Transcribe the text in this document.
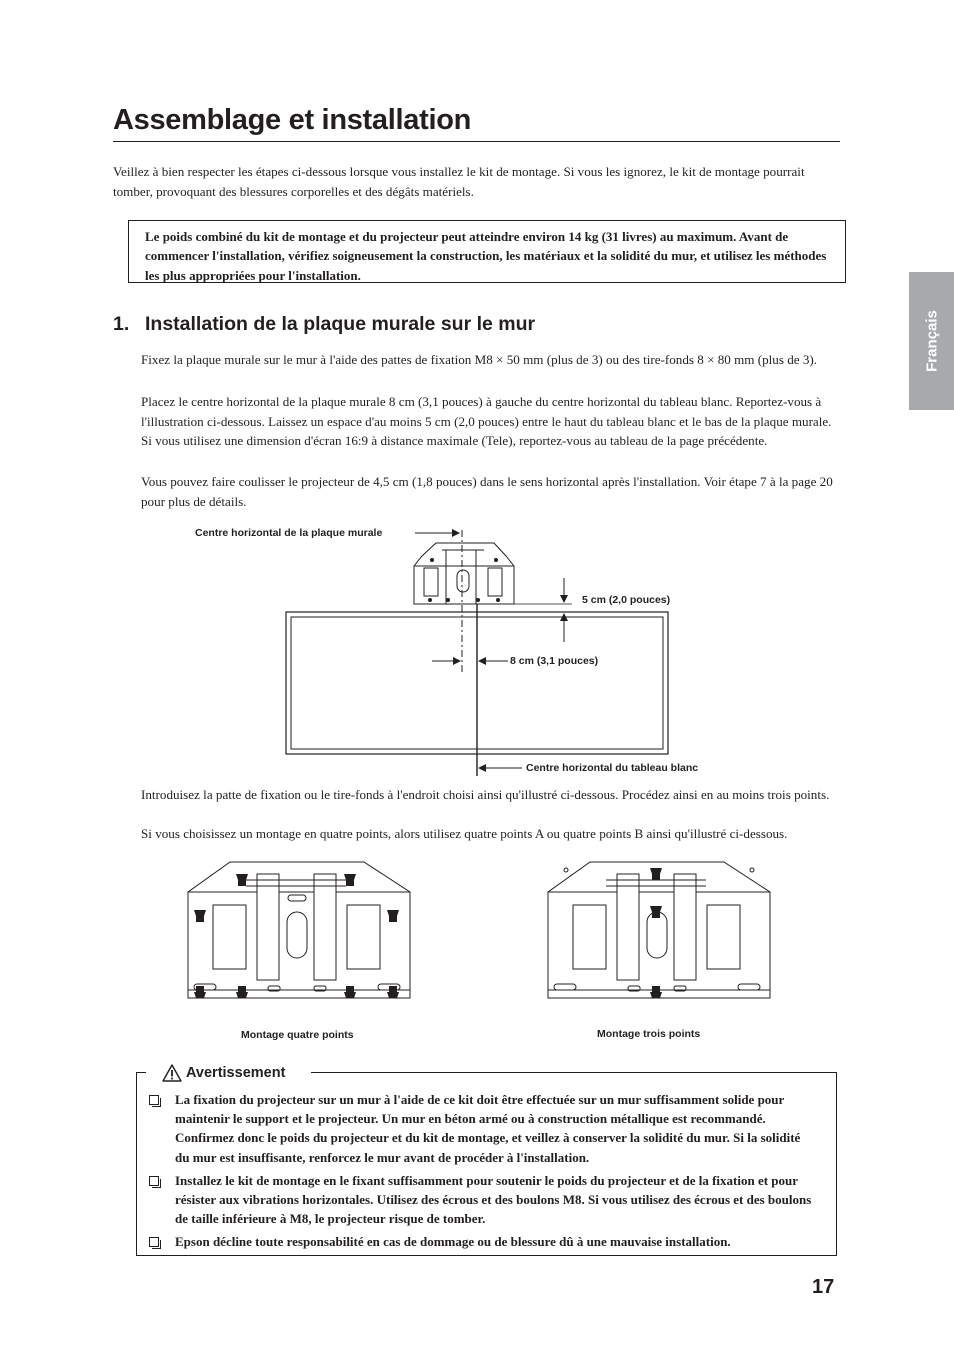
Assemblage et installation

Veillez à bien respecter les étapes ci-dessous lorsque vous installez le kit de montage. Si vous les ignorez, le kit de montage pourrait tomber, provoquant des blessures corporelles et des dégâts matériels.

Le poids combiné du kit de montage et du projecteur peut atteindre environ 14 kg (31 livres) au maximum. Avant de commencer l'installation, vérifiez soigneusement la construction, les matériaux et la solidité du mur, et utilisez les méthodes les plus appropriées pour l'installation.
Français
1. Installation de la plaque murale sur le mur

Fixez la plaque murale sur le mur à l'aide des pattes de fixation M8 × 50 mm (plus de 3) ou des tire-fonds 8 × 80 mm (plus de 3).

Placez le centre horizontal de la plaque murale 8 cm (3,1 pouces) à gauche du centre horizontal du tableau blanc. Reportez-vous à l'illustration ci-dessous. Laissez un espace d'au moins 5 cm (2,0 pouces) entre le haut du tableau blanc et le bas de la plaque murale. Si vous utilisez une dimension d'écran 16:9 à distance maximale (Tele), reportez-vous au tableau de la page précédente.

Vous pouvez faire coulisser le projecteur de 4,5 cm (1,8 pouces) dans le sens horizontal après l'installation. Voir étape 7 à la page 20 pour plus de détails.

Centre horizontal de la plaque murale
5 cm (2,0 pouces)
8 cm (3,1 pouces)
Centre horizontal du tableau blanc

Introduisez la patte de fixation ou le tire-fonds à l'endroit choisi ainsi qu'illustré ci-dessous. Procédez ainsi en au moins trois points.

Si vous choisissez un montage en quatre points, alors utilisez quatre points A ou quatre points B ainsi qu'illustré ci-dessous.

Montage quatre points	Montage trois points
Avertissement

La fixation du projecteur sur un mur à l'aide de ce kit doit être effectuée sur un mur suffisamment solide pour maintenir le support et le projecteur. Un mur en béton armé ou à construction métallique est recommandé. Confirmez donc le poids du projecteur et du kit de montage, et veillez à conserver la solidité du mur. Si la solidité du mur est insuffisante, renforcez le mur avant de procéder à l'installation.

Installez le kit de montage en le fixant suffisamment pour soutenir le poids du projecteur et de la fixation et pour résister aux vibrations horizontales. Utilisez des écrous et des boulons M8. Si vous utilisez des écrous et des boulons de taille inférieure à M8, le projecteur risque de tomber.

Epson décline toute responsabilité en cas de dommage ou de blessure dû à une mauvaise installation.

17
